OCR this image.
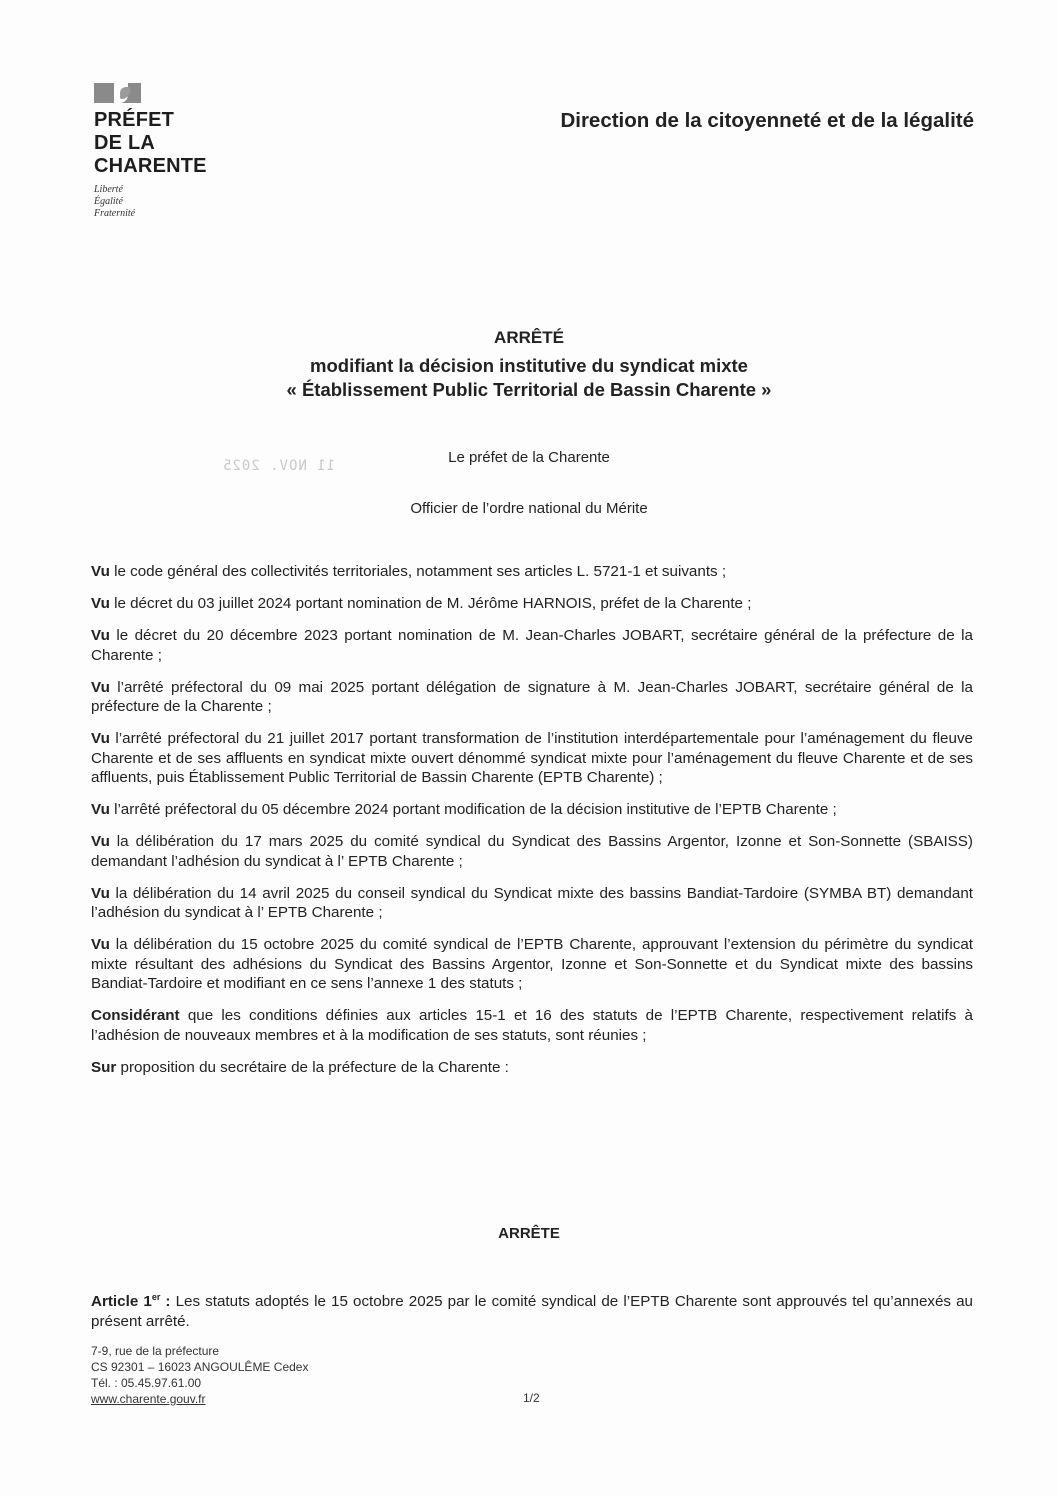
PRÉFET
DE LA
CHARENTE
Liberté
Égalité
Fraternité
Direction de la citoyenneté et de la légalité
ARRÊTÉ
modifiant la décision institutive du syndicat mixte
« Établissement Public Territorial de Bassin Charente »
11 NOV. 2025	Le préfet de la Charente
Officier de l’ordre national du Mérite

Vu le code général des collectivités territoriales, notamment ses articles L. 5721-1 et suivants ;

Vu le décret du 03 juillet 2024 portant nomination de M. Jérôme HARNOIS, préfet de la Charente ;

Vu le décret du 20 décembre 2023 portant nomination de M. Jean-Charles JOBART, secrétaire général de la préfecture de la Charente ;

Vu l’arrêté préfectoral du 09 mai 2025 portant délégation de signature à M. Jean-Charles JOBART, secrétaire général de la préfecture de la Charente ;

Vu l’arrêté préfectoral du 21 juillet 2017 portant transformation de l’institution interdépartementale pour l’aménagement du fleuve Charente et de ses affluents en syndicat mixte ouvert dénommé syndicat mixte pour l’aménagement du fleuve Charente et de ses affluents, puis Établissement Public Territorial de Bassin Charente (EPTB Charente) ;

Vu l’arrêté préfectoral du 05 décembre 2024 portant modification de la décision institutive de l’EPTB Charente ;

Vu la délibération du 17 mars 2025 du comité syndical du Syndicat des Bassins Argentor, Izonne et Son-Sonnette (SBAISS) demandant l’adhésion du syndicat à l’ EPTB Charente ;

Vu la délibération du 14 avril 2025 du conseil syndical du Syndicat mixte des bassins Bandiat-Tardoire (SYMBA BT) demandant l’adhésion du syndicat à l’ EPTB Charente ;

Vu la délibération du 15 octobre 2025 du comité syndical de l’EPTB Charente, approuvant l’extension du périmètre du syndicat mixte résultant des adhésions du Syndicat des Bassins Argentor, Izonne et Son-Sonnette et du Syndicat mixte des bassins Bandiat-Tardoire et modifiant en ce sens l’annexe 1 des statuts ;

Considérant que les conditions définies aux articles 15-1 et 16 des statuts de l’EPTB Charente, respectivement relatifs à l’adhésion de nouveaux membres et à la modification de ses statuts, sont réunies ;

Sur proposition du secrétaire de la préfecture de la Charente :

ARRÊTE
Article 1er : Les statuts adoptés le 15 octobre 2025 par le comité syndical de l’EPTB Charente sont approuvés tel qu’annexés au présent arrêté.
7-9, rue de la préfecture
CS 92301 – 16023 ANGOULÊME Cedex
Tél. : 05.45.97.61.00
www.charente.gouv.fr	1/2
